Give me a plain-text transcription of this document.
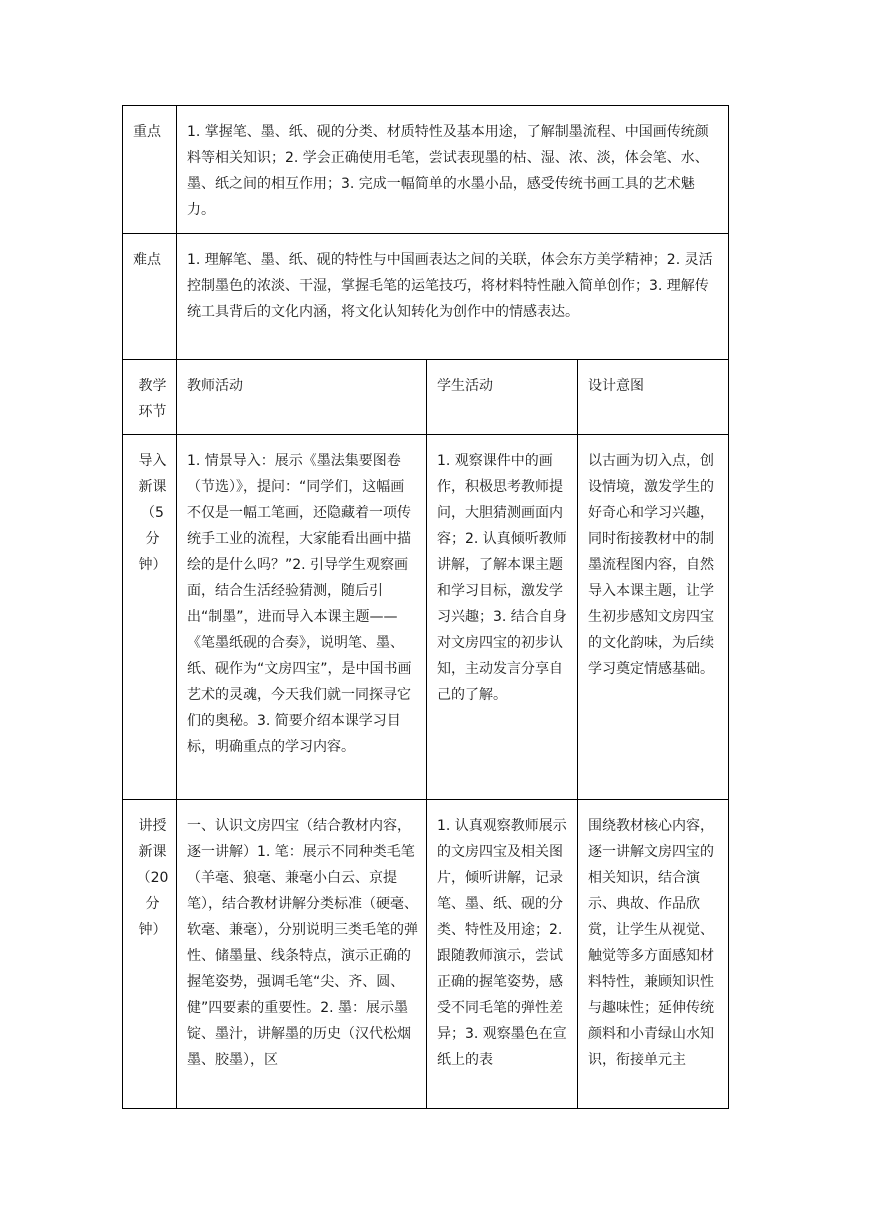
重点	1. 掌握笔、墨、纸、砚的分类、材质特性及基本用途，了解制墨流程、中国画传统颜料等相关知识；2. 学会正确使用毛笔，尝试表现墨的枯、湿、浓、淡，体会笔、水、墨、纸之间的相互作用；3. 完成一幅简单的水墨小品，感受传统书画工具的艺术魅力。		

难点	1. 理解笔、墨、纸、砚的特性与中国画表达之间的关联，体会东方美学精神；2. 灵活控制墨色的浓淡、干湿，掌握毛笔的运笔技巧，将材料特性融入简单创作；3. 理解传统工具背后的文化内涵，将文化认知转化为创作中的情感表达。		

教学
环节	教师活动	学生活动	设计意图

导入
新课
（5
分
钟）	1. 情景导入：展示《墨法集要图卷（节选）》，提问：“同学们，这幅画不仅是一幅工笔画，还隐藏着一项传统手工业的流程，大家能看出画中描绘的是什么吗？”2. 引导学生观察画面，结合生活经验猜测，随后引出“制墨”，进而导入本课主题——《笔墨纸砚的合奏》，说明笔、墨、纸、砚作为“文房四宝”，是中国书画艺术的灵魂，今天我们就一同探寻它们的奥秘。3. 简要介绍本课学习目标，明确重点的学习内容。	1. 观察课件中的画作，积极思考教师提问，大胆猜测画面内容；2. 认真倾听教师讲解，了解本课主题和学习目标，激发学习兴趣；3. 结合自身对文房四宝的初步认知，主动发言分享自己的了解。	以古画为切入点，创设情境，激发学生的好奇心和学习兴趣，同时衔接教材中的制墨流程图内容，自然导入本课主题，让学生初步感知文房四宝的文化韵味，为后续学习奠定情感基础。

讲授
新课
（20
分
钟）	一、认识文房四宝（结合教材内容，逐一讲解）1. 笔：展示不同种类毛笔（羊毫、狼毫、兼毫小白云、京提笔），结合教材讲解分类标准（硬毫、软毫、兼毫），分别说明三类毛笔的弹性、储墨量、线条特点，演示正确的握笔姿势，强调毛笔“尖、齐、圆、健”四要素的重要性。2. 墨：展示墨锭、墨汁，讲解墨的历史（汉代松烟墨、胶墨），区	1. 认真观察教师展示的文房四宝及相关图片，倾听讲解，记录笔、墨、纸、砚的分类、特性及用途；2. 跟随教师演示，尝试正确的握笔姿势，感受不同毛笔的弹性差异；3. 观察墨色在宣纸上的表	围绕教材核心内容，逐一讲解文房四宝的相关知识，结合演示、典故、作品欣赏，让学生从视觉、触觉等多方面感知材料特性，兼顾知识性与趣味性；延伸传统颜料和小青绿山水知识，衔接单元主
